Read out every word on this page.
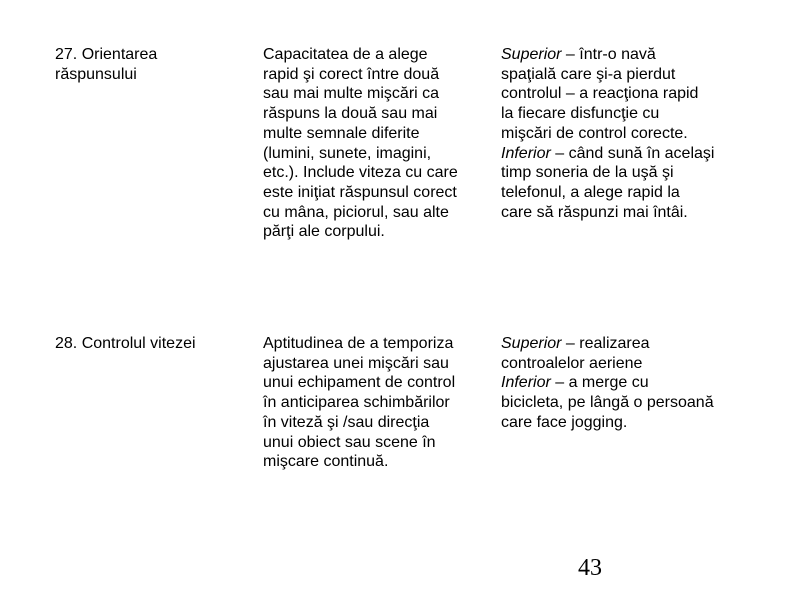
27. Orientarea
răspunsului
Capacitatea de a alege
rapid şi corect între două
sau mai multe mişcări ca
răspuns la două sau mai
multe semnale diferite
(lumini, sunete, imagini,
etc.). Include viteza cu care
este iniţiat răspunsul corect
cu mâna, piciorul, sau alte
părţi ale corpului.
Superior – într-o navă
spaţială care şi-a pierdut
controlul – a reacţiona rapid
la fiecare disfuncţie cu
mişcări de control corecte.
Inferior – când sună în acelaşi
timp soneria de la uşă şi
telefonul, a alege rapid la
care să răspunzi mai întâi.
28. Controlul vitezei	Aptitudinea de a temporiza
ajustarea unei mişcări sau
unui echipament de control
în anticiparea schimbărilor
în viteză şi /sau direcţia
unui obiect sau scene în
mişcare continuă.
Superior – realizarea
controalelor aeriene
Inferior – a merge cu
bicicleta, pe lângă o persoană
care face jogging.
43
